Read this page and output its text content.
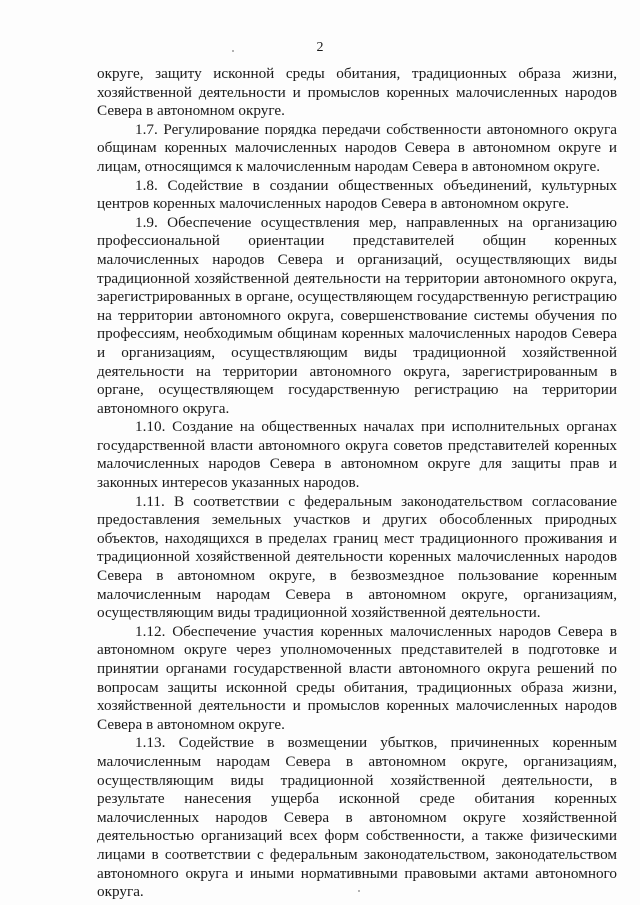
2

округе, защиту исконной среды обитания, традиционных образа жизни, хозяйственной деятельности и промыслов коренных малочисленных народов Севера в автономном округе.

1.7. Регулирование порядка передачи собственности автономного округа общинам коренных малочисленных народов Севера в автономном округе и лицам, относящимся к малочисленным народам Севера в автономном округе.

1.8. Содействие в создании общественных объединений, культурных центров коренных малочисленных народов Севера в автономном округе.

1.9. Обеспечение осуществления мер, направленных на организацию профессиональной ориентации представителей общин коренных малочисленных народов Севера и организаций, осуществляющих виды традиционной хозяйственной деятельности на территории автономного округа, зарегистрированных в органе, осуществляющем государственную регистрацию на территории автономного округа, совершенствование системы обучения по профессиям, необходимым общинам коренных малочисленных народов Севера и организациям, осуществляющим виды традиционной хозяйственной деятельности на территории автономного округа, зарегистрированным в органе, осуществляющем государственную регистрацию на территории автономного округа.

1.10. Создание на общественных началах при исполнительных органах государственной власти автономного округа советов представителей коренных малочисленных народов Севера в автономном округе для защиты прав и законных интересов указанных народов.

1.11. В соответствии с федеральным законодательством согласование предоставления земельных участков и других обособленных природных объектов, находящихся в пределах границ мест традиционного проживания и традиционной хозяйственной деятельности коренных малочисленных народов Севера в автономном округе, в безвозмездное пользование коренным малочисленным народам Севера в автономном округе, организациям, осуществляющим виды традиционной хозяйственной деятельности.

1.12. Обеспечение участия коренных малочисленных народов Севера в автономном округе через уполномоченных представителей в подготовке и принятии органами государственной власти автономного округа решений по вопросам защиты исконной среды обитания, традиционных образа жизни, хозяйственной деятельности и промыслов коренных малочисленных народов Севера в автономном округе.

1.13. Содействие в возмещении убытков, причиненных коренным малочисленным народам Севера в автономном округе, организациям, осуществляющим виды традиционной хозяйственной деятельности, в результате нанесения ущерба исконной среде обитания коренных малочисленных народов Севера в автономном округе хозяйственной деятельностью организаций всех форм собственности, а также физическими лицами в соответствии с федеральным законодательством, законодательством автономного округа и иными нормативными правовыми актами автономного округа.
